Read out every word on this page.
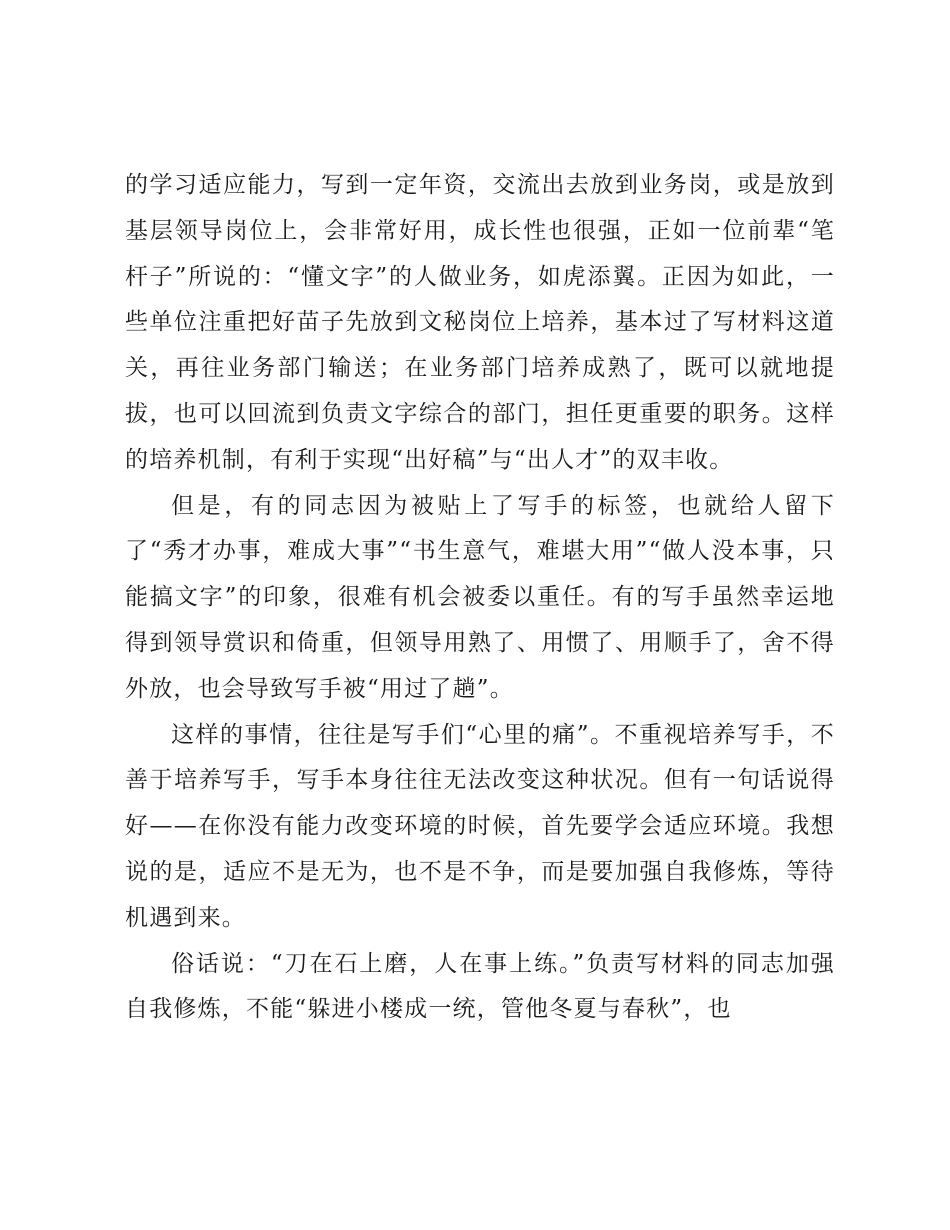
的学习适应能力，写到一定年资，交流出去放到业务岗，或是放到基层领导岗位上，会非常好用，成长性也很强，正如一位前辈“笔杆子”所说的：“懂文字”的人做业务，如虎添翼。正因为如此，一些单位注重把好苗子先放到文秘岗位上培养，基本过了写材料这道关，再往业务部门输送；在业务部门培养成熟了，既可以就地提拔，也可以回流到负责文字综合的部门，担任更重要的职务。这样的培养机制，有利于实现“出好稿”与“出人才”的双丰收。

但是，有的同志因为被贴上了写手的标签，也就给人留下了“秀才办事，难成大事”“书生意气，难堪大用”“做人没本事，只能搞文字”的印象，很难有机会被委以重任。有的写手虽然幸运地得到领导赏识和倚重，但领导用熟了、用惯了、用顺手了，舍不得外放，也会导致写手被“用过了趟”。

这样的事情，往往是写手们“心里的痛”。不重视培养写手，不善于培养写手，写手本身往往无法改变这种状况。但有一句话说得好——在你没有能力改变环境的时候，首先要学会适应环境。我想说的是，适应不是无为，也不是不争，而是要加强自我修炼，等待机遇到来。

俗话说：“刀在石上磨，人在事上练。”负责写材料的同志加强自我修炼，不能“躲进小楼成一统，管他冬夏与春秋”，也
